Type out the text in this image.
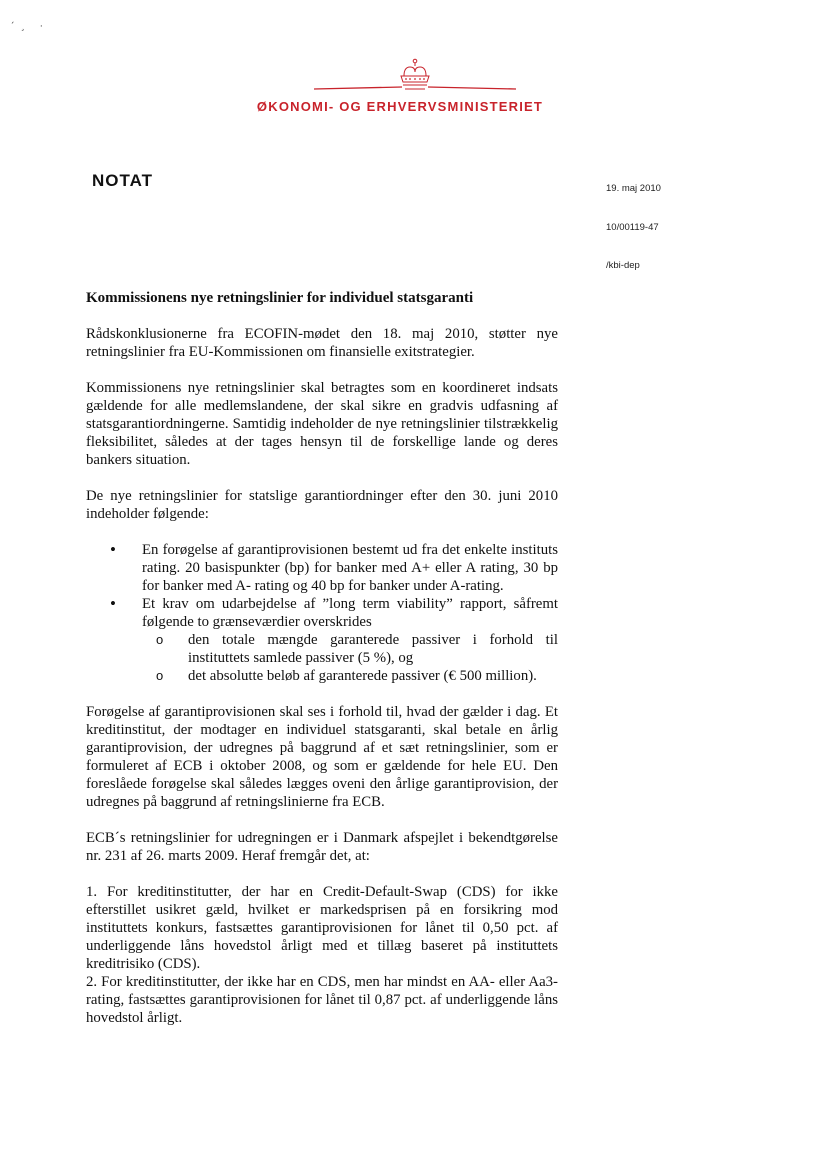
´¸ ·
ØKONOMI- OG ERHVERVSMINISTERIET
NOTAT	19. maj 2010
10/00119-47
/kbi-dep

Kommissionens nye retningslinier for individuel statsgaranti

Rådskonklusionerne fra ECOFIN-mødet den 18. maj 2010, støtter nye retningslinier fra EU-Kommissionen om finansielle exitstrategier.

Kommissionens nye retningslinier skal betragtes som en koordineret indsats gældende for alle medlemslandene, der skal sikre en gradvis udfasning af statsgarantiordningerne. Samtidig indeholder de nye retningslinier tilstrækkelig fleksibilitet, således at der tages hensyn til de forskellige lande og deres bankers situation.

De nye retningslinier for statslige garantiordninger efter den 30. juni 2010 indeholder følgende:

• En forøgelse af garantiprovisionen bestemt ud fra det enkelte instituts rating. 20 basispunkter (bp) for banker med A+ eller A rating, 30 bp for banker med A- rating og 40 bp for banker under A-rating.
• Et krav om udarbejdelse af ”long term viability” rapport, såfremt følgende to grænseværdier overskrides
o den totale mængde garanterede passiver i forhold til instituttets samlede passiver (5 %), og
o det absolutte beløb af garanterede passiver (€ 500 million).

Forøgelse af garantiprovisionen skal ses i forhold til, hvad der gælder i dag. Et kreditinstitut, der modtager en individuel statsgaranti, skal betale en årlig garantiprovision, der udregnes på baggrund af et sæt retningslinier, som er formuleret af ECB i oktober 2008, og som er gældende for hele EU. Den foreslåede forøgelse skal således lægges oveni den årlige garantiprovision, der udregnes på baggrund af retningslinierne fra ECB.

ECB´s retningslinier for udregningen er i Danmark afspejlet i bekendtgørelse nr. 231 af 26. marts 2009. Heraf fremgår det, at:

1. For kreditinstitutter, der har en Credit-Default-Swap (CDS) for ikke efterstillet usikret gæld, hvilket er markedsprisen på en forsikring mod instituttets konkurs, fastsættes garantiprovisionen for lånet til 0,50 pct. af underliggende låns hovedstol årligt med et tillæg baseret på instituttets kreditrisiko (CDS).

2. For kreditinstitutter, der ikke har en CDS, men har mindst en AA- eller Aa3-rating, fastsættes garantiprovisionen for lånet til 0,87 pct. af underliggende låns hovedstol årligt.
